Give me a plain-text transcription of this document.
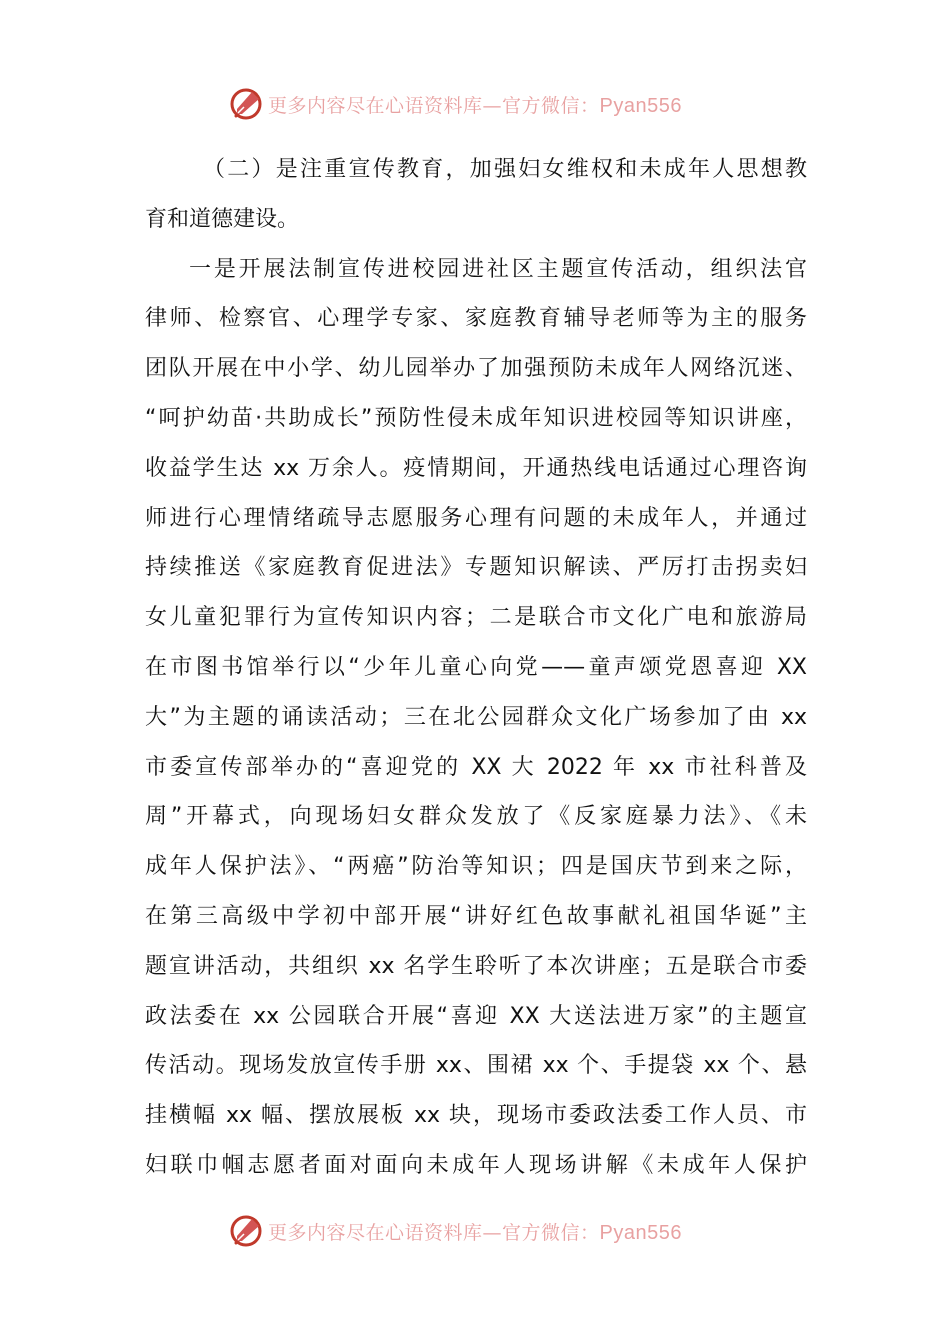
更多内容尽在心语资料库—官方微信：Pyan556
（二）是注重宣传教育，加强妇女维权和未成年人思想教
育和道德建设。
一是开展法制宣传进校园进社区主题宣传活动，组织法官
律师、检察官、心理学专家、家庭教育辅导老师等为主的服务
团队开展在中小学、幼儿园举办了加强预防未成年人网络沉迷、
“呵护幼苗·共助成长”预防性侵未成年知识进校园等知识讲座，
收益学生达 xx 万余人。疫情期间，开通热线电话通过心理咨询
师进行心理情绪疏导志愿服务心理有问题的未成年人，并通过
持续推送《家庭教育促进法》专题知识解读、严厉打击拐卖妇
女儿童犯罪行为宣传知识内容；二是联合市文化广电和旅游局
在市图书馆举行以“少年儿童心向党——童声颂党恩喜迎 XX
大”为主题的诵读活动；三在北公园群众文化广场参加了由 xx
市委宣传部举办的“喜迎党的 XX 大 2022 年 xx 市社科普及
周”开幕式，向现场妇女群众发放了《反家庭暴力法》、《未
成年人保护法》、“两癌”防治等知识；四是国庆节到来之际，
在第三高级中学初中部开展“讲好红色故事献礼祖国华诞”主
题宣讲活动，共组织 xx 名学生聆听了本次讲座；五是联合市委
政法委在 xx 公园联合开展“喜迎 XX 大送法进万家”的主题宣
传活动。现场发放宣传手册 xx、围裙 xx 个、手提袋 xx 个、悬
挂横幅 xx 幅、摆放展板 xx 块，现场市委政法委工作人员、市
妇联巾帼志愿者面对面向未成年人现场讲解《未成年人保护
更多内容尽在心语资料库—官方微信：Pyan556
